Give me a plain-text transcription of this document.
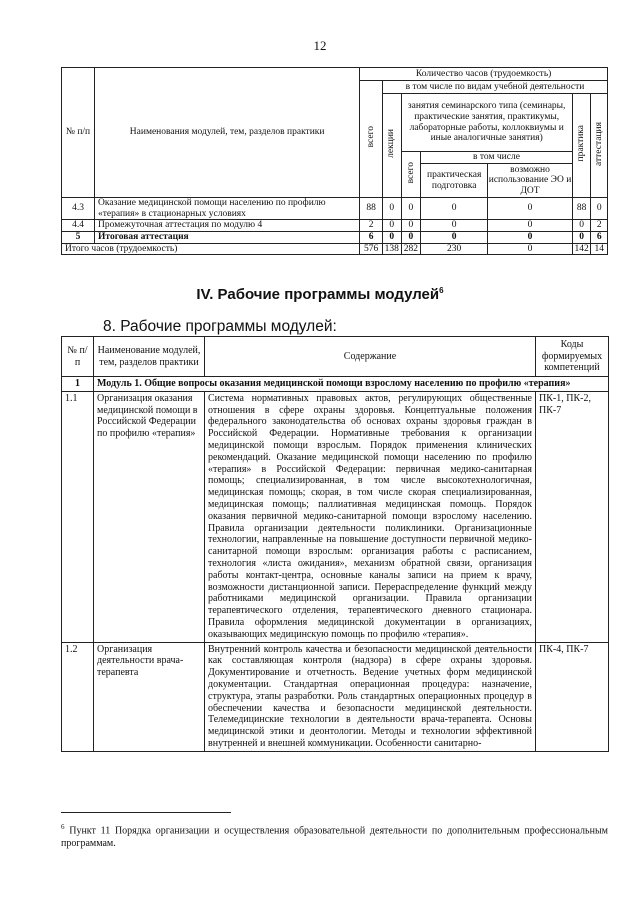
12
№ п/п	Наименования модулей, тем, разделов практики	Количество часов (трудоемкость)						
		всего	в том числе по видам учебной деятельности					
			лекции	занятия семинарского типа (семинары, практические занятия, практикумы, лабораторные работы, коллоквиумы и иные аналогичные занятия)			практика	аттестация
				всего	в том числе			
					практическая подготовка	возможно использование ЭО и ДОТ		
4.3	Оказание медицинской помощи населению по профилю «терапия» в стационарных условиях	88	0	0	0	0	88	0
4.4	Промежуточная аттестация по модулю 4	2	0	0	0	0	0	2
5	Итоговая аттестация	6	0	0	0	0	0	6
Итого часов (трудоемкость)		576	138	282	230	0	142	14
IV. Рабочие программы модулей$^6$
8. Рабочие программы модулей:
№ п/п	Наименование модулей, тем, разделов практики	Содержание	Коды формируемых компетенций
1	Модуль 1. Общие вопросы оказания медицинской помощи взрослому населению по профилю «терапия»		
1.1	Организация оказания медицинской помощи в Российской Федерации по профилю «терапия»	Система нормативных правовых актов, регулирующих общественные отношения в сфере охраны здоровья. Концептуальные положения федерального законодательства об основах охраны здоровья граждан в Российской Федерации. Нормативные требования к организации медицинской помощи взрослым. Порядок применения клинических рекомендаций. Оказание медицинской помощи населению по профилю «терапия» в Российской Федерации: первичная медико-санитарная помощь; специализированная, в том числе высокотехнологичная, медицинская помощь; скорая, в том числе скорая специализированная, медицинская помощь; паллиативная медицинская помощь. Порядок оказания первичной медико-санитарной помощи взрослому населению. Правила организации деятельности поликлиники. Организационные технологии, направленные на повышение доступности первичной медико-санитарной помощи взрослым: организация работы с расписанием, технология «листа ожидания», механизм обратной связи, организация работы контакт-центра, основные каналы записи на прием к врачу, возможности дистанционной записи. Перераспределение функций между работниками медицинской организации. Правила организации терапевтического отделения, терапевтического дневного стационара. Правила оформления медицинской документации в организациях, оказывающих медицинскую помощь по профилю «терапия».	ПК-1, ПК-2, ПК-7
1.2	Организация деятельности врача-терапевта	Внутренний контроль качества и безопасности медицинской деятельности как составляющая контроля (надзора) в сфере охраны здоровья. Документирование и отчетность. Ведение учетных форм медицинской документации. Стандартная операционная процедура: назначение, структура, этапы разработки. Роль стандартных операционных процедур в обеспечении качества и безопасности медицинской деятельности. Телемедицинские технологии в деятельности врача-терапевта. Основы медицинской этики и деонтологии. Методы и технологии эффективной внутренней и внешней коммуникации. Особенности санитарно-	ПК-4, ПК-7
$^6$ Пункт 11 Порядка организации и осуществления образовательной деятельности по дополнительным профессиональным программам.
